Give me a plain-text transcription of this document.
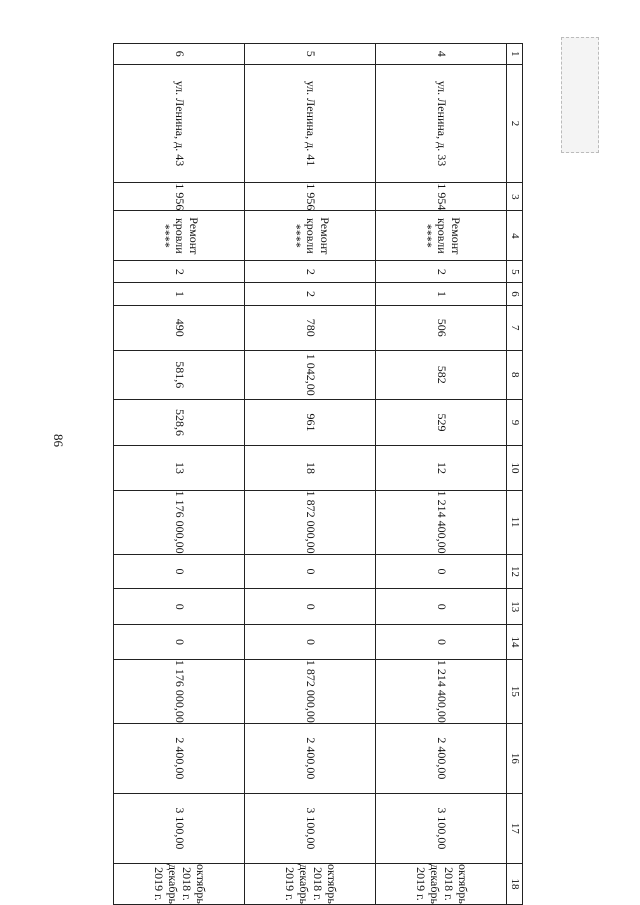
86
1	2	3	4	5	6	7	8	9	10	11	12	13	14	15	16	17	18
4	ул. Ленина, д. 33	1 954	Ремонт кровли ****	2	1	506	582	529	12	1 214 400,00	0	0	0	1 214 400,00	2 400,00	3 100,00	октябрь 2018 г. декабрь 2019 г.
5	ул. Ленина, д. 41	1 956	Ремонт кровли ****	2	2	780	1 042,00	961	18	1 872 000,00	0	0	0	1 872 000,00	2 400,00	3 100,00	октябрь 2018 г. декабрь 2019 г.
6	ул. Ленина, д. 43	1 956	Ремонт кровли ****	2	1	490	581,6	528,6	13	1 176 000,00	0	0	0	1 176 000,00	2 400,00	3 100,00	октябрь 2018 г. декабрь 2019 г.
